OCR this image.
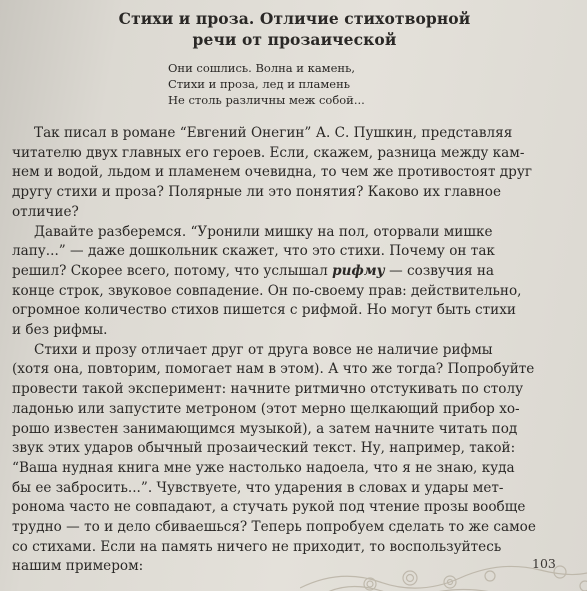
Стихи и проза. Отличие стихотворной
речи от прозаической
Они сошлись. Волна и камень,
Стихи и проза, лед и пламень
Не столь различны меж собой...
Так писал в романе “Евгений Онегин” А. С. Пушкин, представляя
читателю двух главных его героев. Если, скажем, разница между кам-
нем и водой, льдом и пламенем очевидна, то чем же противостоят друг
другу стихи и проза? Полярные ли это понятия? Каково их главное
отличие?
Давайте разберемся. “Уронили мишку на пол, оторвали мишке
лапу...” — даже дошкольник скажет, что это стихи. Почему он так
решил? Скорее всего, потому, что услышал рифму — созвучия на
конце строк, звуковое совпадение. Он по-своему прав: действительно,
огромное количество стихов пишется с рифмой. Но могут быть стихи
и без рифмы.
Стихи и прозу отличает друг от друга вовсе не наличие рифмы
(хотя она, повторим, помогает нам в этом). А что же тогда? Попробуйте
провести такой эксперимент: начните ритмично отстукивать по столу
ладонью или запустите метроном (этот мерно щелкающий прибор хо-
рошо известен занимающимся музыкой), а затем начните читать под
звук этих ударов обычный прозаический текст. Ну, например, такой:
“Ваша нудная книга мне уже настолько надоела, что я не знаю, куда
бы ее забросить...”. Чувствуете, что ударения в словах и удары мет-
ронома часто не совпадают, а стучать рукой под чтение прозы вообще
трудно — то и дело сбиваешься? Теперь попробуем сделать то же самое
со стихами. Если на память ничего не приходит, то воспользуйтесь
нашим примером:	103
